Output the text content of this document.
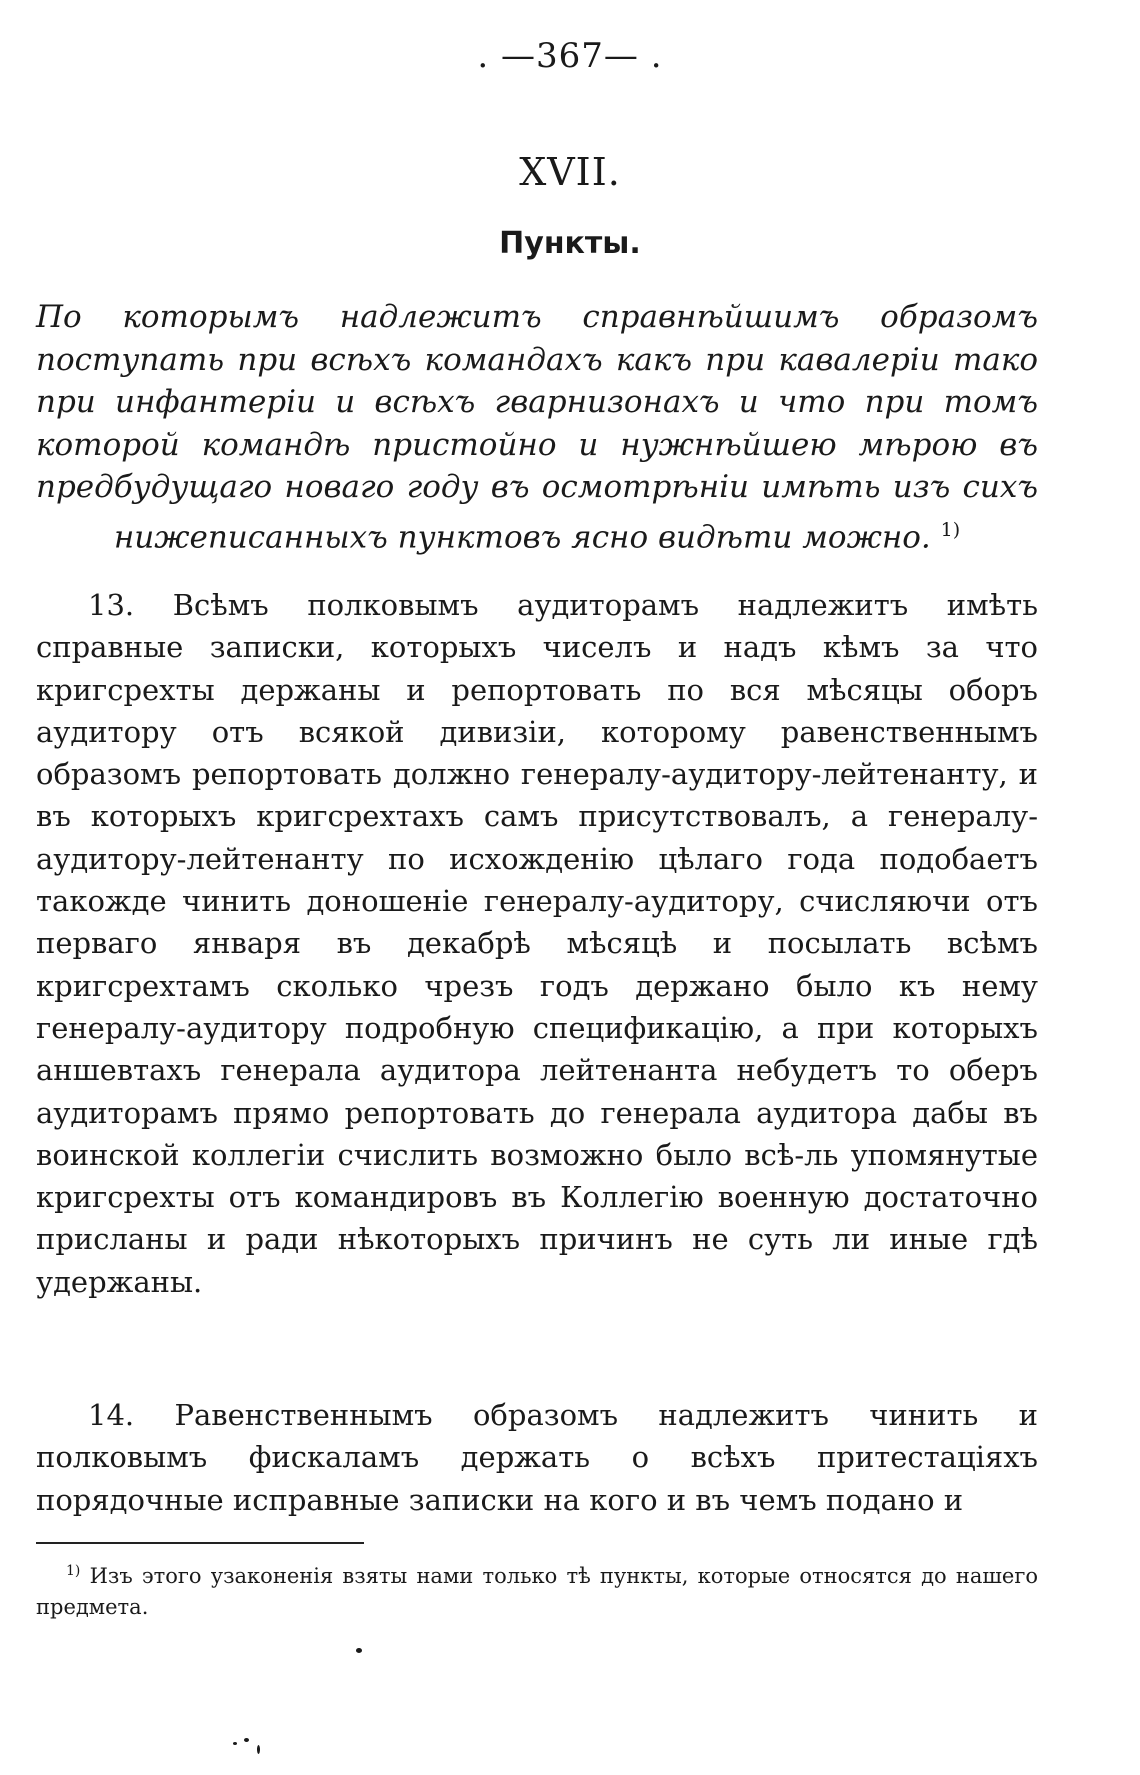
. —367— .
XVII.
Пункты.
По которымъ надлежитъ справнѣйшимъ образомъ поступать при всѣхъ командахъ какъ при кавалеріи тако при инфантеріи и всѣхъ гварнизонахъ и что при томъ которой командѣ пристойно и нужнѣйшею мѣрою въ предбудущаго новаго году въ осмотрѣніи имѣть изъ сихъ нижеписанныхъ пунктовъ ясно видѣти можно. $^{1)}$

13. Всѣмъ полковымъ аудиторамъ надлежитъ имѣть справные записки, которыхъ чиселъ и надъ кѣмъ за что кригсрехты держаны и репортовать по вся мѣсяцы оборъ аудитору отъ всякой дивизіи, которому равенственнымъ образомъ репортовать должно генералу-аудитору-лейтенанту, и въ которыхъ кригсрехтахъ самъ присутствовалъ, а генералу-аудитору-лейтенанту по исхожденію цѣлаго года подобаетъ такожде чинить доношеніе генералу-аудитору, счисляючи отъ перваго января въ декабрѣ мѣсяцѣ и посылать всѣмъ кригсрехтамъ сколько чрезъ годъ держано было къ нему генералу-аудитору подробную спецификацію, а при которыхъ аншевтахъ генерала аудитора лейтенанта небудетъ то оберъ аудиторамъ прямо репортовать до генерала аудитора дабы въ воинской коллегіи счислить возможно было всѣ-ль упомянутые кригсрехты отъ командировъ въ Коллегію военную достаточно присланы и ради нѣкоторыхъ причинъ не суть ли иные гдѣ удержаны.

14. Равенственнымъ образомъ надлежитъ чинить и полковымъ фискаламъ держать о всѣхъ притестаціяхъ порядочные исправные записки на кого и въ чемъ подано и

$^{1)}$ Изъ этого узаконенія взяты нами только тѣ пункты, которые относятся до нашего предмета.
